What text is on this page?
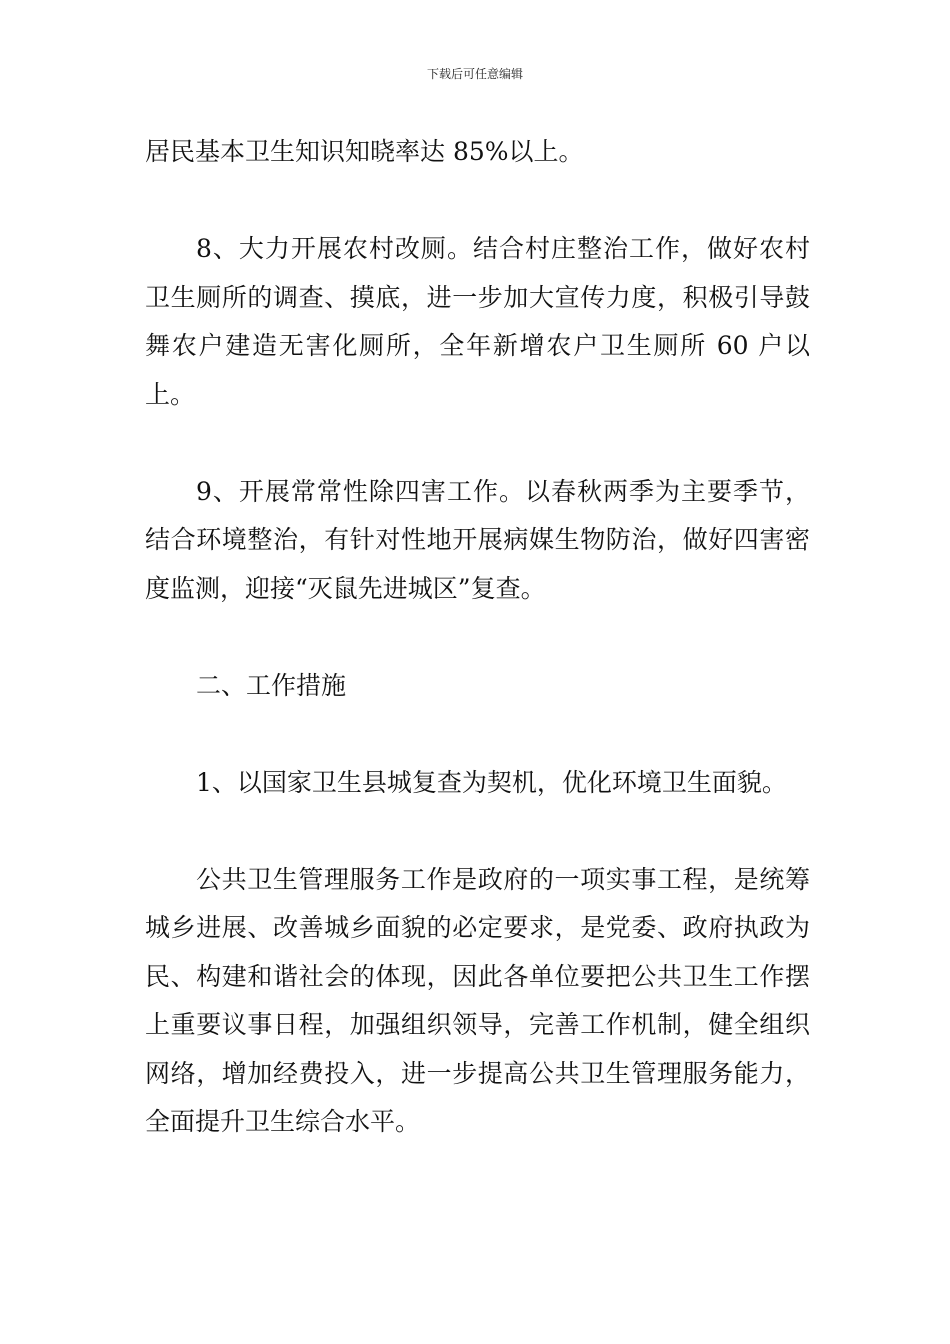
下载后可任意编辑

居民基本卫生知识知晓率达 85%以上。

8、大力开展农村改厕。结合村庄整治工作，做好农村卫生厕所的调查、摸底，进一步加大宣传力度，积极引导鼓舞农户建造无害化厕所，全年新增农户卫生厕所 60 户以上。

9、开展常常性除四害工作。以春秋两季为主要季节，结合环境整治，有针对性地开展病媒生物防治，做好四害密度监测，迎接“灭鼠先进城区”复查。

二、工作措施

1、以国家卫生县城复查为契机，优化环境卫生面貌。

公共卫生管理服务工作是政府的一项实事工程，是统筹城乡进展、改善城乡面貌的必定要求，是党委、政府执政为民、构建和谐社会的体现，因此各单位要把公共卫生工作摆上重要议事日程，加强组织领导，完善工作机制，健全组织网络，增加经费投入，进一步提高公共卫生管理服务能力，全面提升卫生综合水平。
